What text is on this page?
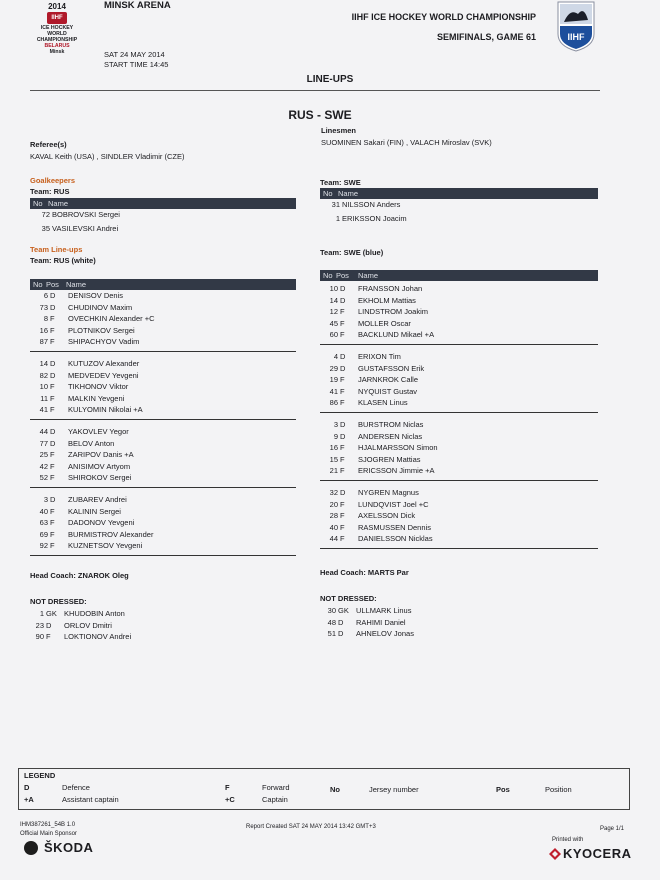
2014
IIHF
ICE HOCKEY
WORLD
CHAMPIONSHIP
BELARUS
Minsk
MINSK ARENA
SAT 24 MAY 2014
START TIME 14:45
IIHF ICE HOCKEY WORLD CHAMPIONSHIP
SEMIFINALS, GAME 61	IIHF
LINE-UPS
RUS - SWE
Referee(s)
KAVAL Keith (USA) , SINDLER Vladimir (CZE)
Linesmen
SUOMINEN Sakari (FIN) , VALACH Miroslav (SVK)
Goalkeepers
Team: RUS
Team: SWE
No Name
No Name
72 BOBROVSKI Sergei
35 VASILEVSKI Andrei
31 NILSSON Anders
1 ERIKSSON Joacim
Team Line-ups
Team: RUS (white)
Team: SWE (blue)
No Pos Name
No Pos Name
6 D DENISOV Denis
73 D CHUDINOV Maxim
8 F OVECHKIN Alexander +C
16 F PLOTNIKOV Sergei
87 F SHIPACHYOV Vadim
14 D KUTUZOV Alexander
82 D MEDVEDEV Yevgeni
10 F TIKHONOV Viktor
11 F MALKIN Yevgeni
41 F KULYOMIN Nikolai +A
44 D YAKOVLEV Yegor
77 D BELOV Anton
25 F ZARIPOV Danis +A
42 F ANISIMOV Artyom
52 F SHIROKOV Sergei
3 D ZUBAREV Andrei
40 F KALININ Sergei
63 F DADONOV Yevgeni
69 F BURMISTROV Alexander
92 F KUZNETSOV Yevgeni
10 D FRANSSON Johan
14 D EKHOLM Mattias
12 F LINDSTROM Joakim
45 F MOLLER Oscar
60 F BACKLUND Mikael +A
4 D ERIXON Tim
29 D GUSTAFSSON Erik
19 F JARNKROK Calle
41 F NYQUIST Gustav
86 F KLASEN Linus
3 D BURSTROM Niclas
9 D ANDERSEN Niclas
16 F HJALMARSSON Simon
15 F SJOGREN Mattias
21 F ERICSSON Jimmie +A
32 D NYGREN Magnus
20 F LUNDQVIST Joel +C
28 F AXELSSON Dick
40 F RASMUSSEN Dennis
44 F DANIELSSON Nicklas
Head Coach: ZNAROK Oleg	Head Coach: MARTS Par
NOT DRESSED:	NOT DRESSED:
1 GK KHUDOBIN Anton
23 D ORLOV Dmitri
90 F LOKTIONOV Andrei
30 GK ULLMARK Linus
48 D RAHIMI Daniel
51 D AHNELOV Jonas
LEGEND
D	Defence
+A	Assistant captain
F	Forward
+C	Captain
No	Jersey number	Pos	Position
IHM387261_54B 1.0
Official Main Sponsor
ŠKODA
Report Created SAT 24 MAY 2014 13:42 GMT+3	Page 1/1
Printed with
KYOCERA
